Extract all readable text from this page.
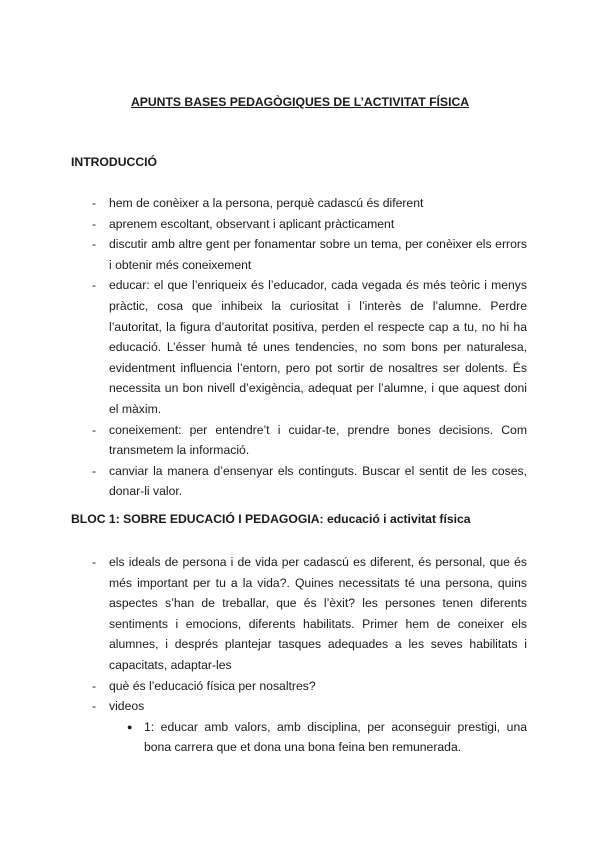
APUNTS BASES PEDAGÒGIQUES DE L’ACTIVITAT FÍSICA
INTRODUCCIÓ
- hem de conèixer a la persona, perquè cadascú és diferent
- aprenem escoltant, observant i aplicant pràcticament
- discutir amb altre gent per fonamentar sobre un tema, per conèixer els errors i obtenir més coneixement
- educar: el que l’enriqueix és l’educador, cada vegada és més teòric i menys pràctic, cosa que inhibeix la curiositat i l’interès de l’alumne. Perdre l’autoritat, la figura d’autoritat positiva, perden el respecte cap a tu, no hi ha educació. L’ésser humà té unes tendencies, no som bons per naturalesa, evidentment influencia l’entorn, pero pot sortir de nosaltres ser dolents. És necessita un bon nivell d’exigència, adequat per l’alumne, i que aquest doni el màxim.
- coneixement: per entendre’t i cuidar-te, prendre bones decisions. Com transmetem la informació.
- canviar la manera d’ensenyar els continguts. Buscar el sentit de les coses, donar-li valor.
BLOC 1: SOBRE EDUCACIÓ I PEDAGOGIA: educació i activitat física
- els ideals de persona i de vida per cadascú es diferent, és personal, que és més important per tu a la vida?. Quines necessitats té una persona, quins aspectes s’han de treballar, que és l’èxit? les persones tenen diferents sentiments i emocions, diferents habilitats. Primer hem de coneixer els alumnes, i després plantejar tasques adequades a les seves habilitats i capacitats, adaptar-les
- què és l’educació física per nosaltres?
- videos
● 1: educar amb valors, amb disciplina, per aconseguir prestigi, una bona carrera que et dona una bona feina ben remunerada.
